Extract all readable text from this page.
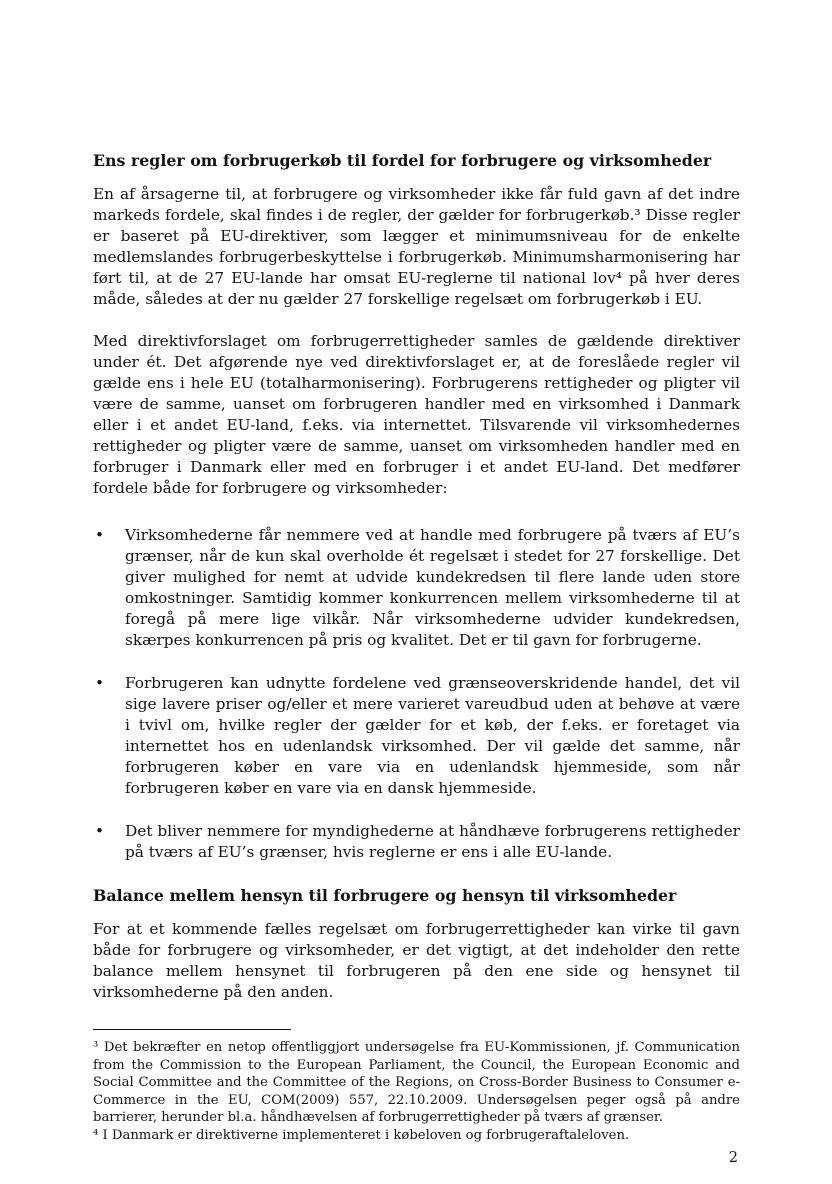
Ens regler om forbrugerkøb til fordel for forbrugere og virksomheder

En af årsagerne til, at forbrugere og virksomheder ikke får fuld gavn af det indre markeds fordele, skal findes i de regler, der gælder for forbrugerkøb.³ Disse regler er baseret på EU-direktiver, som lægger et minimumsniveau for de enkelte medlemslandes forbrugerbeskyttelse i forbrugerkøb. Minimumsharmonisering har ført til, at de 27 EU-lande har omsat EU-reglerne til national lov⁴ på hver deres måde, således at der nu gælder 27 forskellige regelsæt om forbrugerkøb i EU.

Med direktivforslaget om forbrugerrettigheder samles de gældende direktiver under ét. Det afgørende nye ved direktivforslaget er, at de foreslåede regler vil gælde ens i hele EU (totalharmonisering). Forbrugerens rettigheder og pligter vil være de samme, uanset om forbrugeren handler med en virksomhed i Danmark eller i et andet EU-land, f.eks. via internettet. Tilsvarende vil virksomhedernes rettigheder og pligter være de samme, uanset om virksomheden handler med en forbruger i Danmark eller med en forbruger i et andet EU-land. Det medfører fordele både for forbrugere og virksomheder:

•	Virksomhederne får nemmere ved at handle med forbrugere på tværs af EU’s grænser, når de kun skal overholde ét regelsæt i stedet for 27 forskellige. Det giver mulighed for nemt at udvide kundekredsen til flere lande uden store omkostninger. Samtidig kommer konkurrencen mellem virksomhederne til at foregå på mere lige vilkår. Når virksomhederne udvider kundekredsen, skærpes konkurrencen på pris og kvalitet. Det er til gavn for forbrugerne.
•	Forbrugeren kan udnytte fordelene ved grænseoverskridende handel, det vil sige lavere priser og/eller et mere varieret vareudbud uden at behøve at være i tvivl om, hvilke regler der gælder for et køb, der f.eks. er foretaget via internettet hos en udenlandsk virksomhed. Der vil gælde det samme, når forbrugeren køber en vare via en udenlandsk hjemmeside, som når forbrugeren køber en vare via en dansk hjemmeside.
•	Det bliver nemmere for myndighederne at håndhæve forbrugerens rettigheder på tværs af EU’s grænser, hvis reglerne er ens i alle EU-lande.
Balance mellem hensyn til forbrugere og hensyn til virksomheder

For at et kommende fælles regelsæt om forbrugerrettigheder kan virke til gavn både for forbrugere og virksomheder, er det vigtigt, at det indeholder den rette balance mellem hensynet til forbrugeren på den ene side og hensynet til virksomhederne på den anden.

³ Det bekræfter en netop offentliggjort undersøgelse fra EU-Kommissionen, jf. Communication from the Commission to the European Parliament, the Council, the European Economic and Social Committee and the Committee of the Regions, on Cross-Border Business to Consumer e-Commerce in the EU, COM(2009) 557, 22.10.2009. Undersøgelsen peger også på andre barrierer, herunder bl.a. håndhævelsen af forbrugerrettigheder på tværs af grænser.

⁴ I Danmark er direktiverne implementeret i købeloven og forbrugeraftaleloven.

2
